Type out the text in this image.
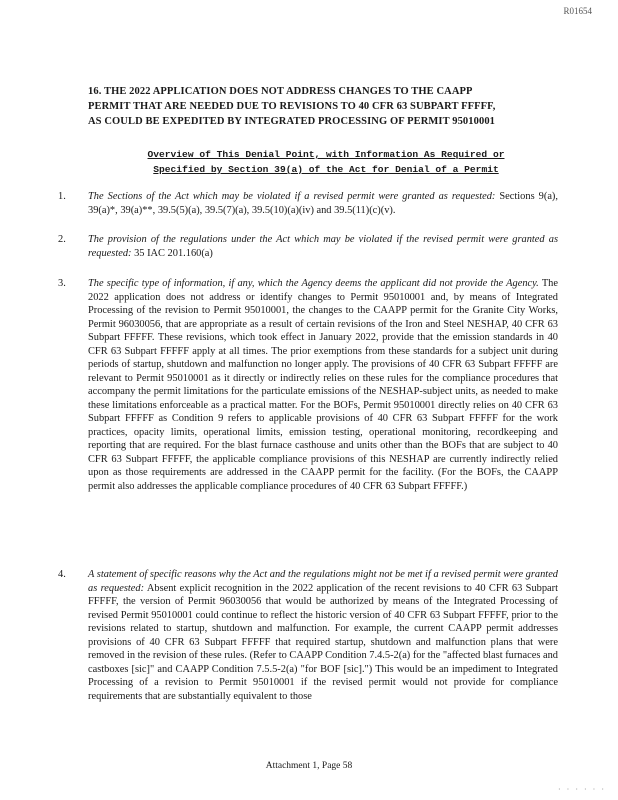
R01654
16. THE 2022 APPLICATION DOES NOT ADDRESS CHANGES TO THE CAAPP
PERMIT THAT ARE NEEDED DUE TO REVISIONS TO 40 CFR 63 SUBPART FFFFF,
AS COULD BE EXPEDITED BY INTEGRATED PROCESSING OF PERMIT 95010001
Overview of This Denial Point, with Information As Required or
Specified by Section 39(a) of the Act for Denial of a Permit
1.	The Sections of the Act which may be violated if a revised permit were granted as requested: Sections 9(a), 39(a)*, 39(a)**, 39.5(5)(a), 39.5(7)(a), 39.5(10)(a)(iv) and 39.5(11)(c)(v).
2.	The provision of the regulations under the Act which may be violated if the revised permit were granted as requested: 35 IAC 201.160(a)
3.	The specific type of information, if any, which the Agency deems the applicant did not provide the Agency. The 2022 application does not address or identify changes to Permit 95010001 and, by means of Integrated Processing of the revision to Permit 95010001, the changes to the CAAPP permit for the Granite City Works, Permit 96030056, that are appropriate as a result of certain revisions of the Iron and Steel NESHAP, 40 CFR 63 Subpart FFFFF. These revisions, which took effect in January 2022, provide that the emission standards in 40 CFR 63 Subpart FFFFF apply at all times. The prior exemptions from these standards for a subject unit during periods of startup, shutdown and malfunction no longer apply. The provisions of 40 CFR 63 Subpart FFFFF are relevant to Permit 95010001 as it directly or indirectly relies on these rules for the compliance procedures that accompany the permit limitations for the particulate emissions of the NESHAP-subject units, as needed to make these limitations enforceable as a practical matter. For the BOFs, Permit 95010001 directly relies on 40 CFR 63 Subpart FFFFF as Condition 9 refers to applicable provisions of 40 CFR 63 Subpart FFFFF for the work practices, opacity limits, operational limits, emission testing, operational monitoring, recordkeeping and reporting that are required. For the blast furnace casthouse and units other than the BOFs that are subject to 40 CFR 63 Subpart FFFFF, the applicable compliance provisions of this NESHAP are currently indirectly relied upon as those requirements are addressed in the CAAPP permit for the facility. (For the BOFs, the CAAPP permit also addresses the applicable compliance procedures of 40 CFR 63 Subpart FFFFF.)
4.	A statement of specific reasons why the Act and the regulations might not be met if a revised permit were granted as requested: Absent explicit recognition in the 2022 application of the recent revisions to 40 CFR 63 Subpart FFFFF, the version of Permit 96030056 that would be authorized by means of the Integrated Processing of revised Permit 95010001 could continue to reflect the historic version of 40 CFR 63 Subpart FFFFF, prior to the revisions related to startup, shutdown and malfunction. For example, the current CAAPP permit addresses provisions of 40 CFR 63 Subpart FFFFF that required startup, shutdown and malfunction plans that were removed in the revision of these rules. (Refer to CAAPP Condition 7.4.5-2(a) for the "affected blast furnaces and castboxes [sic]" and CAAPP Condition 7.5.5-2(a) "for BOF [sic].") This would be an impediment to Integrated Processing of a revision to Permit 95010001 if the revised permit would not provide for compliance requirements that are substantially equivalent to those
Attachment 1, Page 58
· · · · · ·
